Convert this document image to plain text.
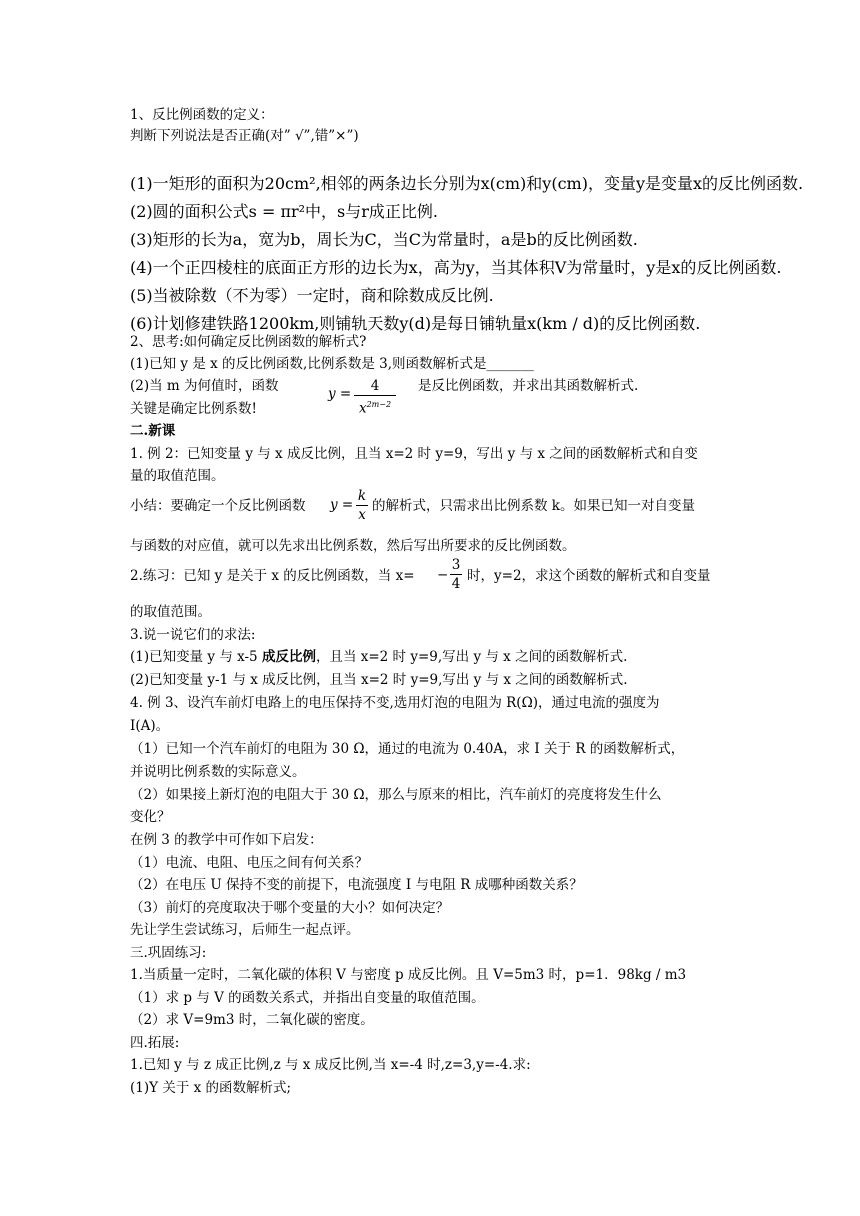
1、反比例函数的定义：
判断下列说法是否正确(对” √”,错”×”)
(1)一矩形的面积为20cm²,相邻的两条边长分别为x(cm)和y(cm)，变量y是变量x的反比例函数.
(2)圆的面积公式s = πr²中，s与r成正比例.
(3)矩形的长为a，宽为b，周长为C，当C为常量时，a是b的反比例函数.
(4)一个正四棱柱的底面正方形的边长为x，高为y，当其体积V为常量时，y是x的反比例函数.
(5)当被除数（不为零）一定时，商和除数成反比例.
(6)计划修建铁路1200km,则铺轨天数y(d)是每日铺轨量x(km / d)的反比例函数.
2、思考:如何确定反比例函数的解析式?
(1)已知 y 是 x 的反比例函数,比例系数是 3,则函数解析式是_______
(2)当 m 为何值时，函数	y =	4
$x^{2m-2}$
是反比例函数，并求出其函数解析式.
关键是确定比例系数!
二.新课
1. 例 2：已知变量 y 与 x 成反比例，且当 x=2 时 y=9，写出 y 与 x 之间的函数解析式和自变
量的取值范围。
小结：要确定一个反比例函数 y =
k
x
的解析式，只需求出比例系数 k。如果已知一对自变量
与函数的对应值，就可以先求出比例系数，然后写出所要求的反比例函数。
2.练习：已知 y 是关于 x 的反比例函数，当 x= −
3
4 时，y=2，求这个函数的解析式和自变量
的取值范围。
3.说一说它们的求法:
(1)已知变量 y 与 x-5 成反比例，且当 x=2 时 y=9,写出 y 与 x 之间的函数解析式.
(2)已知变量 y-1 与 x 成反比例，且当 x=2 时 y=9,写出 y 与 x 之间的函数解析式.
4. 例 3、设汽车前灯电路上的电压保持不变,选用灯泡的电阻为 R(Ω)，通过电流的强度为
I(A)。
（1）已知一个汽车前灯的电阻为 30 Ω，通过的电流为 0.40A，求 I 关于 R 的函数解析式，
并说明比例系数的实际意义。
（2）如果接上新灯泡的电阻大于 30 Ω，那么与原来的相比，汽车前灯的亮度将发生什么
变化？
在例 3 的教学中可作如下启发：
（1）电流、电阻、电压之间有何关系？
（2）在电压 U 保持不变的前提下，电流强度 I 与电阻 R 成哪种函数关系？
（3）前灯的亮度取决于哪个变量的大小？如何决定？
先让学生尝试练习，后师生一起点评。
三.巩固练习:
1.当质量一定时，二氧化碳的体积 V 与密度 p 成反比例。且 V=5m3 时，p=1．98kg / m3
（1）求 p 与 V 的函数关系式，并指出自变量的取值范围。
（2）求 V=9m3 时，二氧化碳的密度。
四.拓展:
1.已知 y 与 z 成正比例,z 与 x 成反比例,当 x=-4 时,z=3,y=-4.求:
(1)Y 关于 x 的函数解析式;
